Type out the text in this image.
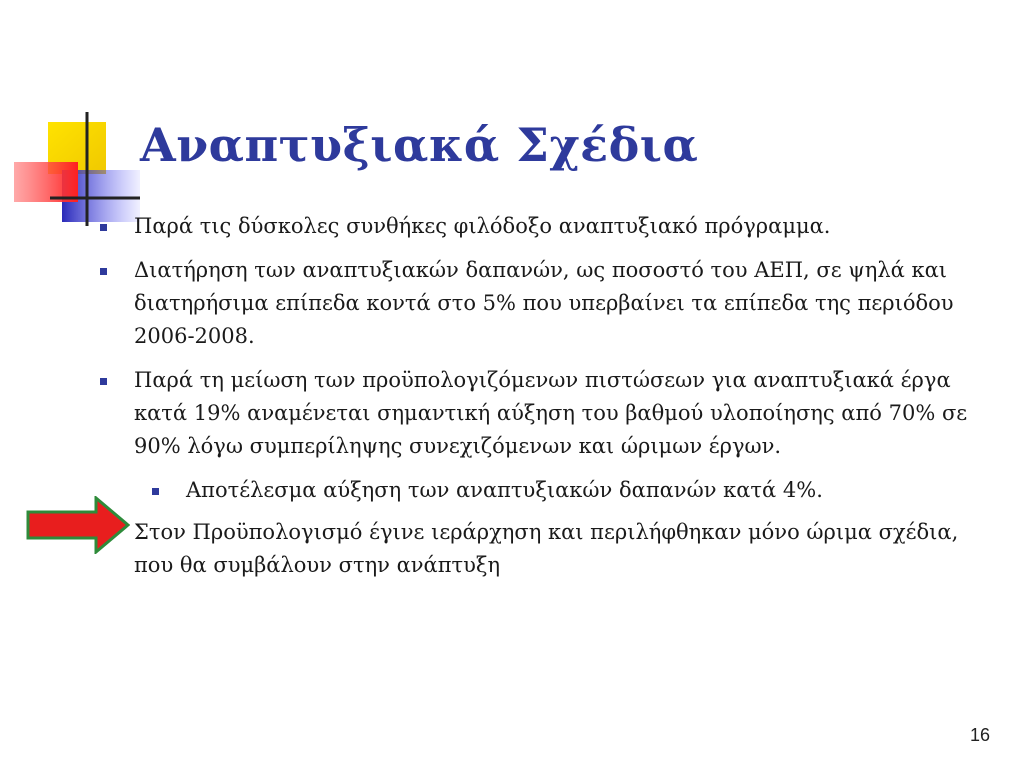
Αναπτυξιακά Σχέδια
Παρά τις δύσκολες συνθήκες φιλόδοξο αναπτυξιακό πρόγραμμα.
Διατήρηση των αναπτυξιακών δαπανών, ως ποσοστό του ΑΕΠ, σε ψηλά και διατηρήσιμα επίπεδα κοντά στο 5% που υπερβαίνει τα επίπεδα της περιόδου 2006-2008.
Παρά τη μείωση των προϋπολογιζόμενων πιστώσεων για αναπτυξιακά έργα κατά 19% αναμένεται σημαντική αύξηση του βαθμού υλοποίησης από 70% σε 90% λόγω συμπερίληψης συνεχιζόμενων και ώριμων έργων.
Αποτέλεσμα αύξηση των αναπτυξιακών δαπανών κατά 4%.
Στον Προϋπολογισμό έγινε ιεράρχηση και περιλήφθηκαν μόνο ώριμα σχέδια, που θα συμβάλουν στην ανάπτυξη
16
